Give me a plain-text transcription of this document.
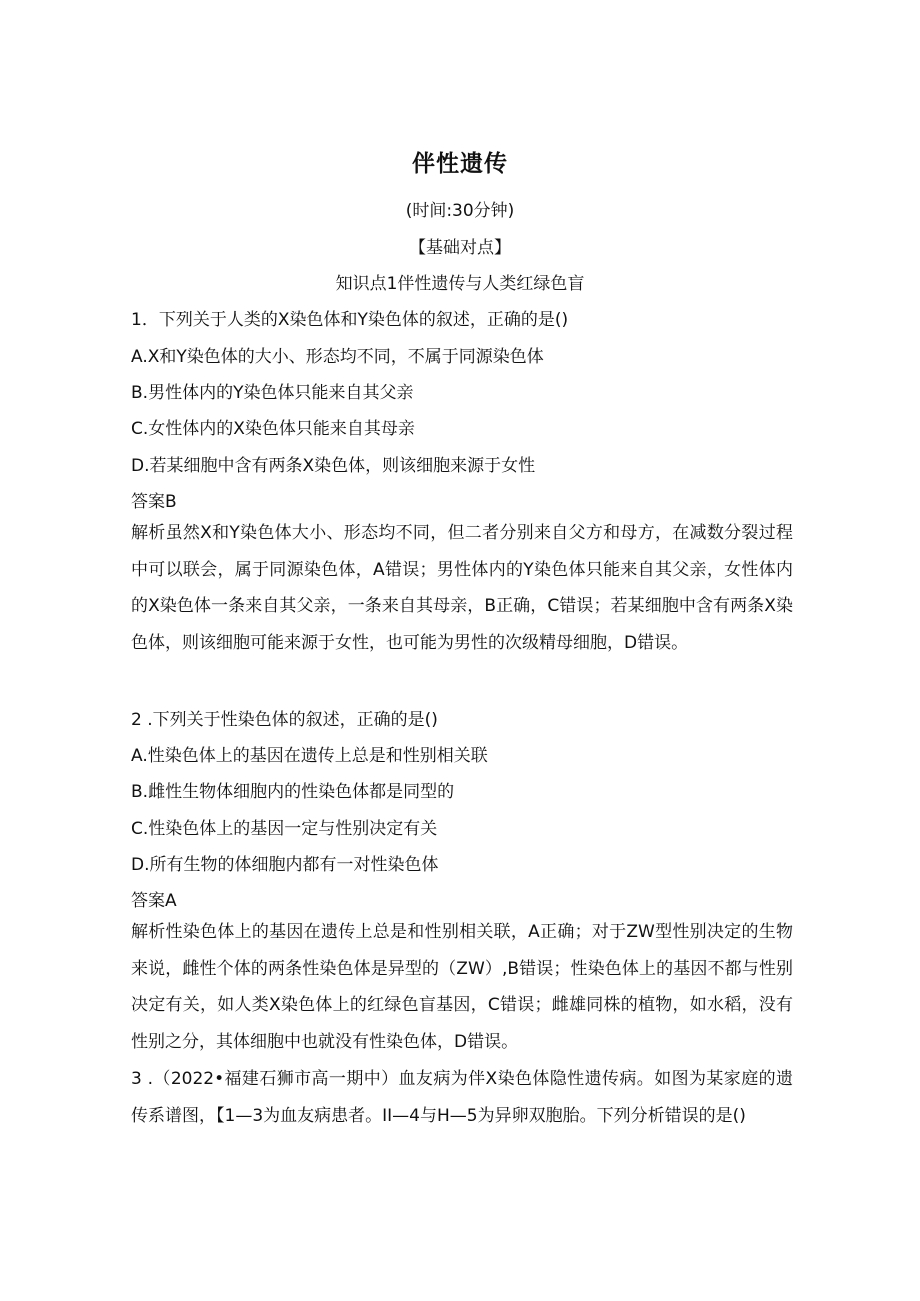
伴性遗传
(时间:30分钟)
【基础对点】
知识点1伴性遗传与人类红绿色盲
1．下列关于人类的X染色体和Y染色体的叙述，正确的是()
A.X和Y染色体的大小、形态均不同，不属于同源染色体
B.男性体内的Y染色体只能来自其父亲
C.女性体内的X染色体只能来自其母亲
D.若某细胞中含有两条X染色体，则该细胞来源于女性
答案B
解析虽然X和Y染色体大小、形态均不同，但二者分别来自父方和母方，在减数分裂过程中可以联会，属于同源染色体，A错误；男性体内的Y染色体只能来自其父亲，女性体内的X染色体一条来自其父亲，一条来自其母亲，B正确，C错误；若某细胞中含有两条X染色体，则该细胞可能来源于女性，也可能为男性的次级精母细胞，D错误。
2 .下列关于性染色体的叙述，正确的是()
A.性染色体上的基因在遗传上总是和性别相关联
B.雌性生物体细胞内的性染色体都是同型的
C.性染色体上的基因一定与性别决定有关
D.所有生物的体细胞内都有一对性染色体
答案A
解析性染色体上的基因在遗传上总是和性别相关联，A正确；对于ZW型性别决定的生物来说，雌性个体的两条性染色体是异型的（ZW）,B错误；性染色体上的基因不都与性别决定有关，如人类X染色体上的红绿色盲基因，C错误；雌雄同株的植物，如水稻，没有性别之分，其体细胞中也就没有性染色体，D错误。
3 .（2022•福建石狮市高一期中）血友病为伴X染色体隐性遗传病。如图为某家庭的遗传系谱图，【1—3为血友病患者。II—4与H—5为异卵双胞胎。下列分析错误的是()
